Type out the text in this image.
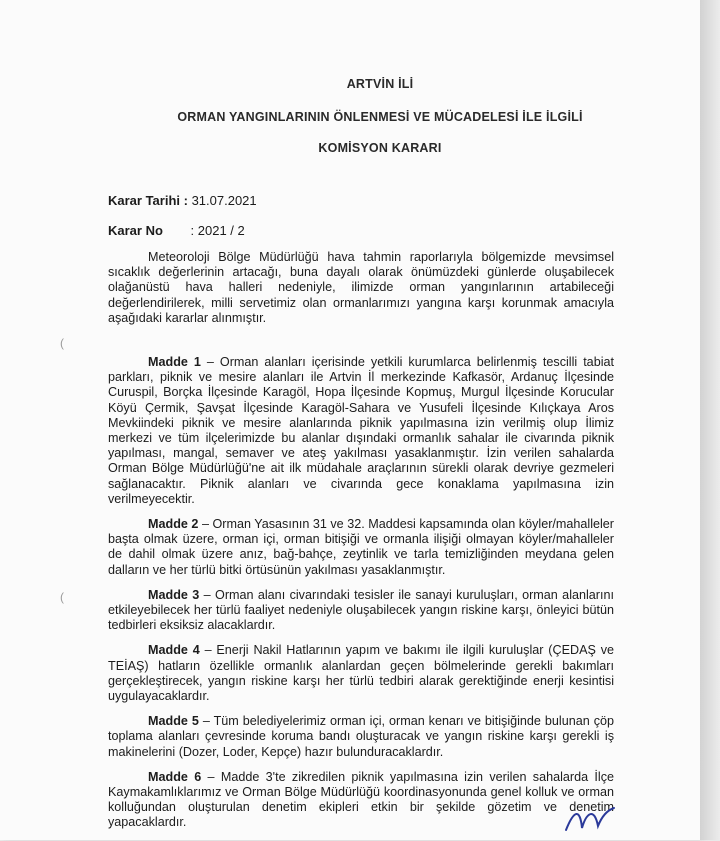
ARTVİN İLİ
ORMAN YANGINLARININ ÖNLENMESİ VE MÜCADELESİ İLE İLGİLİ
KOMİSYON KARARI
Karar Tarihi : 31.07.2021
Karar No : 2021 / 2

Meteoroloji Bölge Müdürlüğü hava tahmin raporlarıyla bölgemizde mevsimsel sıcaklık değerlerinin artacağı, buna dayalı olarak önümüzdeki günlerde oluşabilecek olağanüstü hava halleri nedeniyle, ilimizde orman yangınlarının artabileceği değerlendirilerek, milli servetimiz olan ormanlarımızı yangına karşı korunmak amacıyla aşağıdaki kararlar alınmıştır.

Madde 1 – Orman alanları içerisinde yetkili kurumlarca belirlenmiş tescilli tabiat parkları, piknik ve mesire alanları ile Artvin İl merkezinde Kafkasör, Ardanuç İlçesinde Curuspil, Borçka İlçesinde Karagöl, Hopa İlçesinde Kopmuş, Murgul İlçesinde Korucular Köyü Çermik, Şavşat İlçesinde Karagöl-Sahara ve Yusufeli İlçesinde Kılıçkaya Aros Mevkiindeki piknik ve mesire alanlarında piknik yapılmasına izin verilmiş olup İlimiz merkezi ve tüm ilçelerimizde bu alanlar dışındaki ormanlık sahalar ile civarında piknik yapılması, mangal, semaver ve ateş yakılması yasaklanmıştır. İzin verilen sahalarda Orman Bölge Müdürlüğü'ne ait ilk müdahale araçlarının sürekli olarak devriye gezmeleri sağlanacaktır. Piknik alanları ve civarında gece konaklama yapılmasına izin verilmeyecektir.

Madde 2 – Orman Yasasının 31 ve 32. Maddesi kapsamında olan köyler/mahalleler başta olmak üzere, orman içi, orman bitişiği ve ormanla ilişiği olmayan köyler/mahalleler de dahil olmak üzere anız, bağ-bahçe, zeytinlik ve tarla temizliğinden meydana gelen dalların ve her türlü bitki örtüsünün yakılması yasaklanmıştır.

Madde 3 – Orman alanı civarındaki tesisler ile sanayi kuruluşları, orman alanlarını etkileyebilecek her türlü faaliyet nedeniyle oluşabilecek yangın riskine karşı, önleyici bütün tedbirleri eksiksiz alacaklardır.

Madde 4 – Enerji Nakil Hatlarının yapım ve bakımı ile ilgili kuruluşlar (ÇEDAŞ ve TEİAŞ) hatların özellikle ormanlık alanlardan geçen bölmelerinde gerekli bakımları gerçekleştirecek, yangın riskine karşı her türlü tedbiri alarak gerektiğinde enerji kesintisi uygulayacaklardır.

Madde 5 – Tüm belediyelerimiz orman içi, orman kenarı ve bitişiğinde bulunan çöp toplama alanları çevresinde koruma bandı oluşturacak ve yangın riskine karşı gerekli iş makinelerini (Dozer, Loder, Kepçe) hazır bulunduracaklardır.

Madde 6 – Madde 3'te zikredilen piknik yapılmasına izin verilen sahalarda İlçe Kaymakamlıklarımız ve Orman Bölge Müdürlüğü koordinasyonunda genel kolluk ve orman kolluğundan oluşturulan denetim ekipleri etkin bir şekilde gözetim ve denetim yapacaklardır.

(
(
